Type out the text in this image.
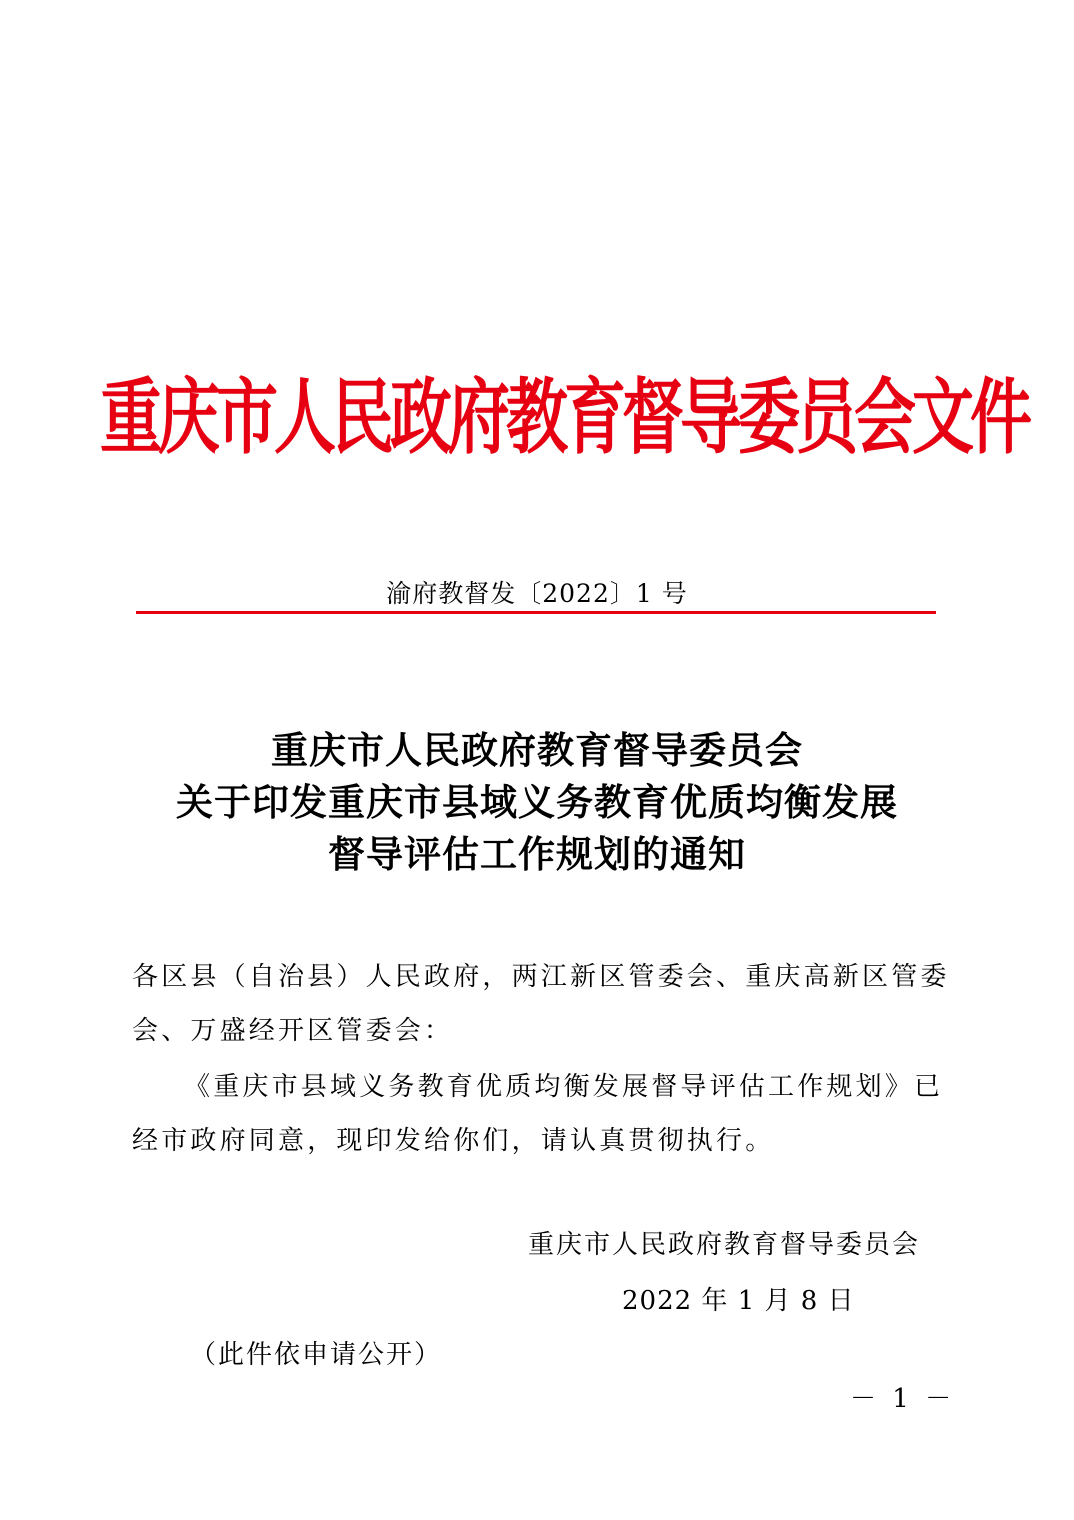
重庆市人民政府教育督导委员会文件
渝府教督发〔2022〕1 号
重庆市人民政府教育督导委员会
关于印发重庆市县域义务教育优质均衡发展
督导评估工作规划的通知
各区县（自治县）人民政府，两江新区管委会、重庆高新区管委
会、万盛经开区管委会：
《重庆市县域义务教育优质均衡发展督导评估工作规划》已
经市政府同意，现印发给你们，请认真贯彻执行。
重庆市人民政府教育督导委员会
2022 年 1 月 8 日
（此件依申请公开）
－ 1 －
